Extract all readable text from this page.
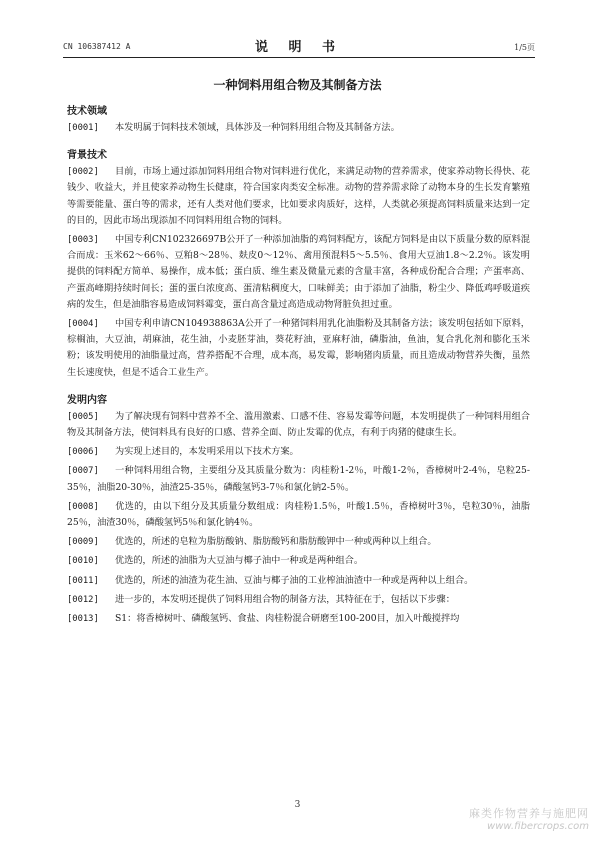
CN 106387412 A	说 明 书	1/5页
一种饲料用组合物及其制备方法
技术领域
[0001] 本发明属于饲料技术领域，具体涉及一种饲料用组合物及其制备方法。
背景技术
[0002] 目前，市场上通过添加饲料用组合物对饲料进行优化，来满足动物的营养需求，使家养动物长得快、花钱少、收益大，并且使家养动物生长健康，符合国家肉类安全标准。动物的营养需求除了动物本身的生长发育繁殖等需要能量、蛋白等的需求，还有人类对他们要求，比如要求肉质好，这样，人类就必须提高饲料质量来达到一定的目的，因此市场出现添加不同饲料用组合物的饲料。
[0003] 中国专利CN102326697B公开了一种添加油脂的鸡饲料配方，该配方饲料是由以下质量分数的原料混合而成：玉米62～66％、豆粕8～28％、麸皮0～12％、禽用预混料5～5.5％、食用大豆油1.8～2.2％。该发明提供的饲料配方简单、易操作，成本低；蛋白质、维生素及微量元素的含量丰富，各种成份配合合理；产蛋率高、产蛋高峰期持续时间长；蛋的蛋白浓度高、蛋清粘稠度大，口味鲜美；由于添加了油脂，粉尘少、降低鸡呼吸道疾病的发生，但是油脂容易造成饲料霉变，蛋白高含量过高造成动物肾脏负担过重。
[0004] 中国专利申请CN104938863A公开了一种猪饲料用乳化油脂粉及其制备方法；该发明包括如下原料，棕榈油，大豆油，胡麻油，花生油，小麦胚芽油，葵花籽油，亚麻籽油，磷脂油，鱼油，复合乳化剂和膨化玉米粉；该发明使用的油脂量过高，营养搭配不合理，成本高，易发霉，影响猪肉质量，而且造成动物营养失衡，虽然生长速度快，但是不适合工业生产。
发明内容
[0005] 为了解决现有饲料中营养不全、滥用激素、口感不佳、容易发霉等问题，本发明提供了一种饲料用组合物及其制备方法，使饲料具有良好的口感、营养全面、防止发霉的优点，有利于肉猪的健康生长。
[0006] 为实现上述目的，本发明采用以下技术方案。
[0007] 一种饲料用组合物，主要组分及其质量分数为：肉桂粉1-2％，叶酸1-2％，香樟树叶2-4％，皂粒25-35％，油脂20-30％，油渣25-35％，磷酸氢钙3-7％和氯化钠2-5％。
[0008] 优选的，由以下组分及其质量分数组成：肉桂粉1.5％，叶酸1.5％，香樟树叶3％，皂粒30％，油脂25％，油渣30％，磷酸氢钙5％和氯化钠4％。
[0009] 优选的，所述的皂粒为脂肪酸钠、脂肪酸钙和脂肪酸钾中一种或两种以上组合。
[0010] 优选的，所述的油脂为大豆油与椰子油中一种或是两种组合。
[0011] 优选的，所述的油渣为花生油、豆油与椰子油的工业榨油油渣中一种或是两种以上组合。
[0012] 进一步的，本发明还提供了饲料用组合物的制备方法，其特征在于，包括以下步骤：
[0013] S1：将香樟树叶、磷酸氢钙、食盐、肉桂粉混合研磨至100-200目，加入叶酸搅拌均
3
麻类作物营养与施肥网
www.fibercrops.com
